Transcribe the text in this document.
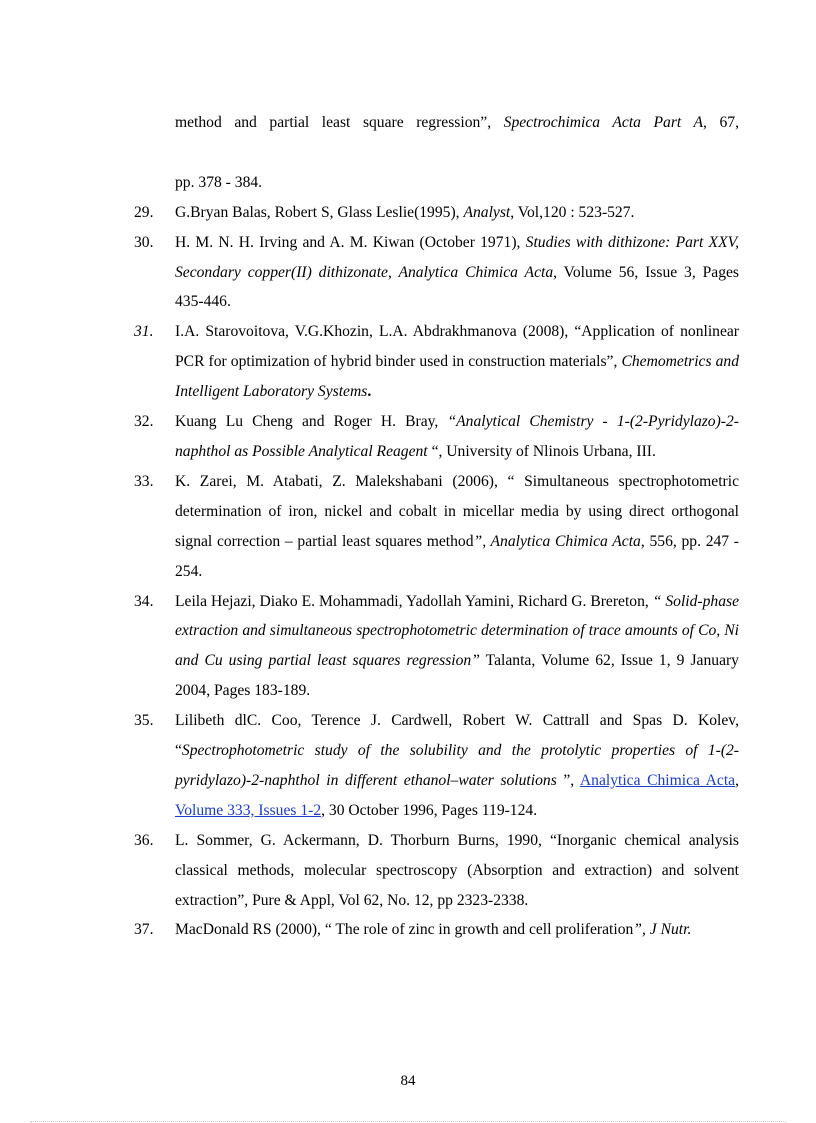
method and partial least square regression”, Spectrochimica Acta Part A, 67,
pp. 378 - 384.
29. G.Bryan Balas, Robert S, Glass Leslie(1995), Analyst, Vol,120 : 523-527.
30. H. M. N. H. Irving and A. M. Kiwan (October 1971), Studies with dithizone: Part XXV, Secondary copper(II) dithizonate, Analytica Chimica Acta, Volume 56, Issue 3, Pages 435-446.
31. I.A. Starovoitova, V.G.Khozin, L.A. Abdrakhmanova (2008), “Application of nonlinear PCR for optimization of hybrid binder used in construction materials”, Chemometrics and Intelligent Laboratory Systems.
32. Kuang Lu Cheng and Roger H. Bray, “Analytical Chemistry - 1-(2-Pyridylazo)-2-naphthol as Possible Analytical Reagent “, University of Nlinois Urbana, III.
33. K. Zarei, M. Atabati, Z. Malekshabani (2006), “ Simultaneous spectrophotometric determination of iron, nickel and cobalt in micellar media by using direct orthogonal signal correction – partial least squares method”, Analytica Chimica Acta, 556, pp. 247 - 254.
34. Leila Hejazi, Diako E. Mohammadi, Yadollah Yamini, Richard G. Brereton, “ Solid-phase extraction and simultaneous spectrophotometric determination of trace amounts of Co, Ni and Cu using partial least squares regression” Talanta, Volume 62, Issue 1, 9 January 2004, Pages 183-189.
35. Lilibeth dlC. Coo, Terence J. Cardwell, Robert W. Cattrall and Spas D. Kolev, “Spectrophotometric study of the solubility and the protolytic properties of 1-(2-pyridylazo)-2-naphthol in different ethanol–water solutions ”, Analytica Chimica Acta, Volume 333, Issues 1-2, 30 October 1996, Pages 119-124.
36. L. Sommer, G. Ackermann, D. Thorburn Burns, 1990, “Inorganic chemical analysis classical methods, molecular spectroscopy (Absorption and extraction) and solvent extraction”, Pure & Appl, Vol 62, No. 12, pp 2323-2338.
37. MacDonald RS (2000), “ The role of zinc in growth and cell proliferation”, J Nutr.
84
